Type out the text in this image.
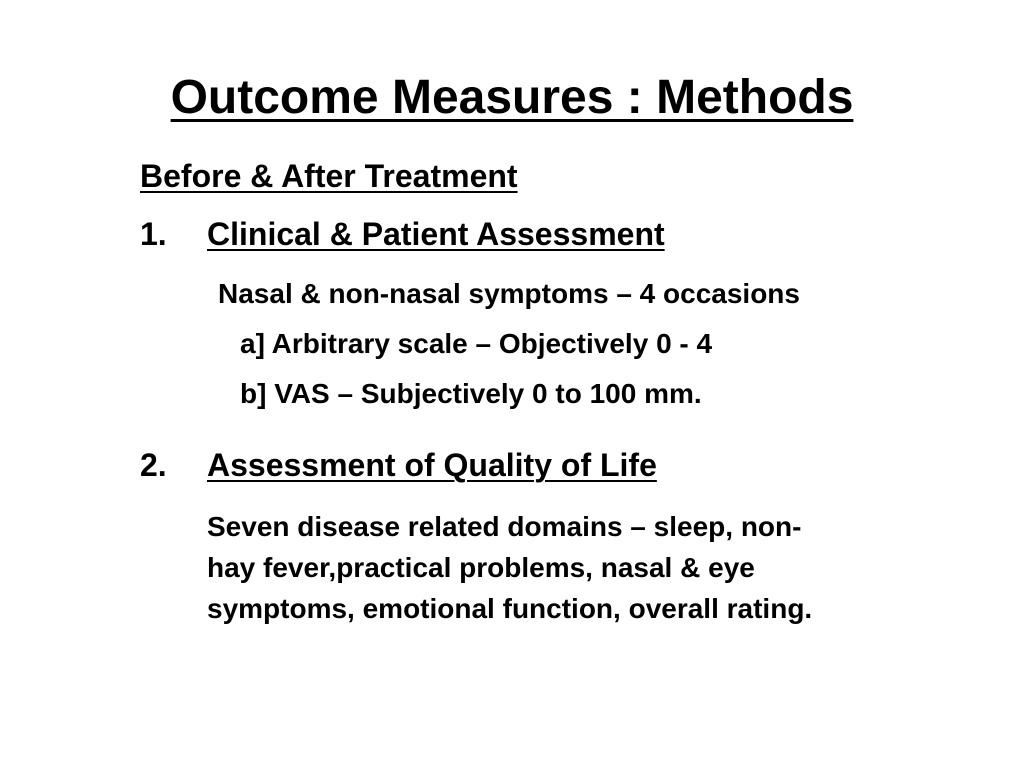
Outcome Measures : Methods
Before & After Treatment
1. Clinical & Patient Assessment
Nasal & non-nasal symptoms – 4 occasions
a] Arbitrary scale – Objectively 0 - 4
b] VAS – Subjectively 0 to 100 mm.
2. Assessment of Quality of Life

Seven disease related domains – sleep, non-
hay fever,practical problems, nasal & eye
symptoms, emotional function, overall rating.
